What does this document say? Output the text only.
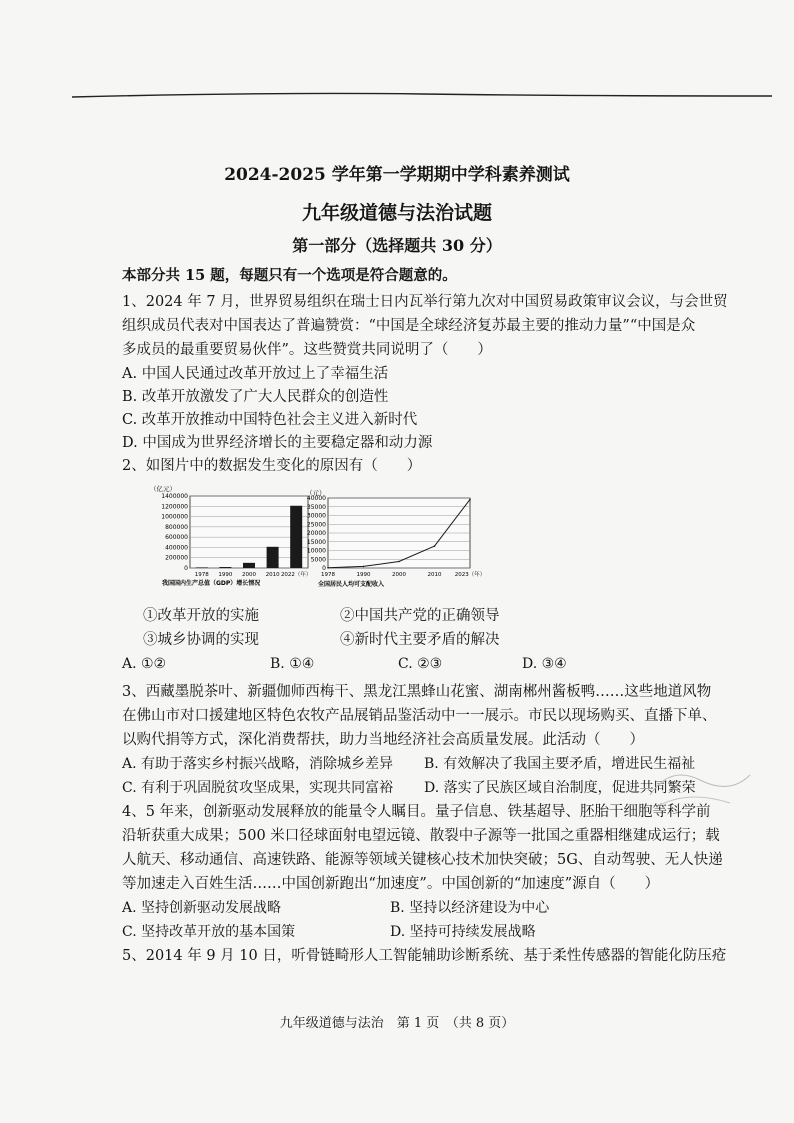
2024-2025 学年第一学期期中学科素养测试
九年级道德与法治试题
第一部分（选择题共 30 分）
本部分共 15 题，每题只有一个选项是符合题意的。
1、2024 年 7 月，世界贸易组织在瑞士日内瓦举行第九次对中国贸易政策审议会议，与会世贸
组织成员代表对中国表达了普遍赞赏：“中国是全球经济复苏最主要的推动力量”“中国是众
多成员的最重要贸易伙伴”。这些赞赏共同说明了（　　）
A. 中国人民通过改革开放过上了幸福生活
B. 改革开放激发了广大人民群众的创造性
C. 改革开放推动中国特色社会主义进入新时代
D. 中国成为世界经济增长的主要稳定器和动力源
2、如图片中的数据发生变化的原因有（　　）
0
200000
400000
600000
800000
1000000
1200000
1400000
（亿元）
1978 1990 2000 2010 2022（年）
我国国内生产总值（GDP）增长情况
0
5000
10000
15000
20000
25000
30000
35000
40000
（元）
1978	1990	2000	2010 2023（年）
全国居民人均可支配收入
①改革开放的实施	②中国共产党的正确领导
③城乡协调的实现	④新时代主要矛盾的解决
A. ①②	B. ①④	C. ②③	D. ③④
3、西藏墨脱茶叶、新疆伽师西梅干、黑龙江黑蜂山花蜜、湖南郴州酱板鸭……这些地道风物
在佛山市对口援建地区特色农牧产品展销品鉴活动中一一展示。市民以现场购买、直播下单、
以购代捐等方式，深化消费帮扶，助力当地经济社会高质量发展。此活动（　　）
A. 有助于落实乡村振兴战略，消除城乡差异 B. 有效解决了我国主要矛盾，增进民生福祉
C. 有利于巩固脱贫攻坚成果，实现共同富裕 D. 落实了民族区域自治制度，促进共同繁荣
4、5 年来，创新驱动发展释放的能量令人瞩目。量子信息、铁基超导、胚胎干细胞等科学前
沿斩获重大成果；500 米口径球面射电望远镜、散裂中子源等一批国之重器相继建成运行；载
人航天、移动通信、高速铁路、能源等领域关键核心技术加快突破；5G、自动驾驶、无人快递
等加速走入百姓生活……中国创新跑出“加速度”。中国创新的“加速度”源自（　　）
A. 坚持创新驱动发展战略	B. 坚持以经济建设为中心
C. 坚持改革开放的基本国策	D. 坚持可持续发展战略
5、2014 年 9 月 10 日，听骨链畸形人工智能辅助诊断系统、基于柔性传感器的智能化防压疮
九年级道德与法治　第 1 页　（共 8 页）
